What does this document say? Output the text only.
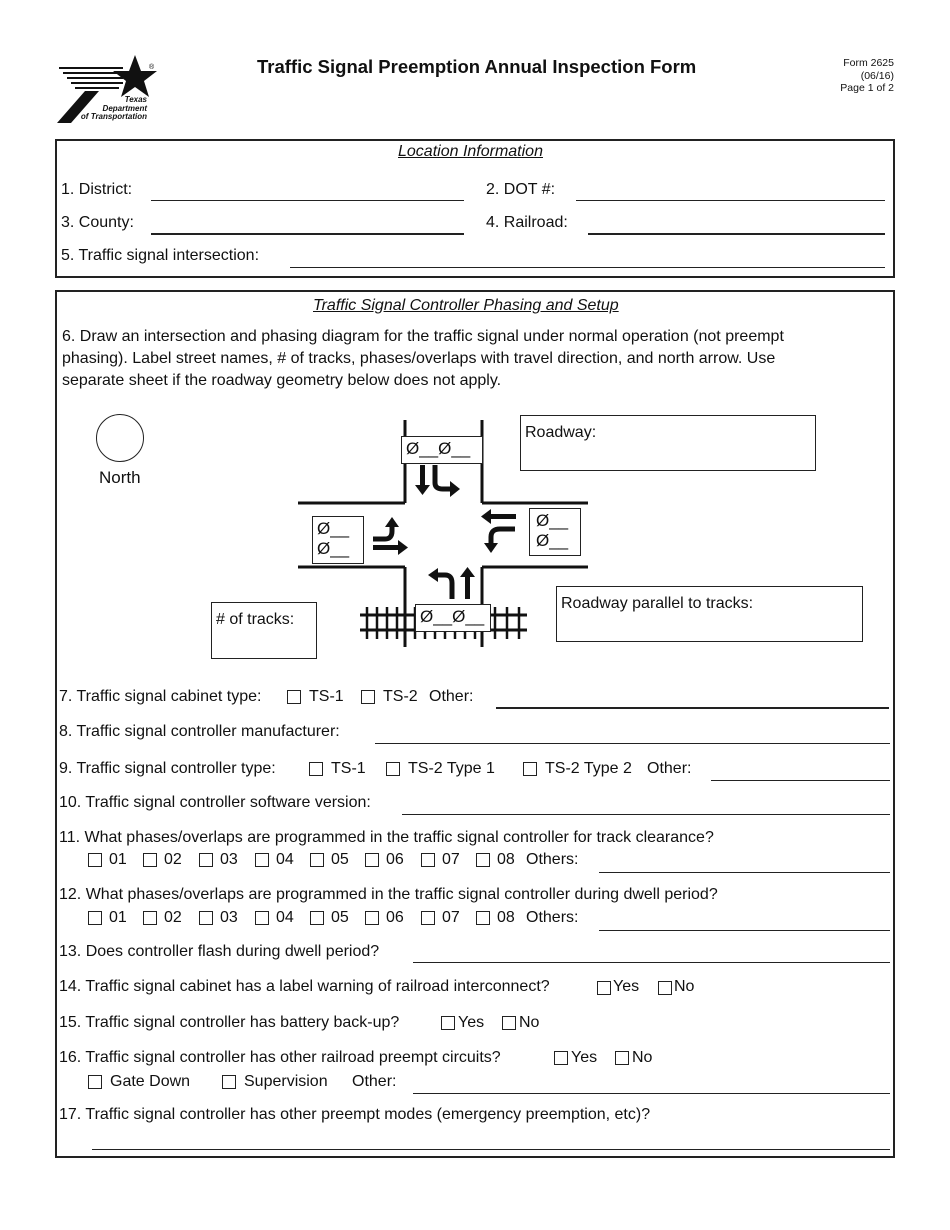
®
Texas
Department
of Transportation
Traffic Signal Preemption Annual Inspection Form	Form 2625
(06/16)
Page 1 of 2
Location Information
1. District:	2. DOT #:
3. County:	4. Railroad:
5. Traffic signal intersection:
Traffic Signal Controller Phasing and Setup
6. Draw an intersection and phasing diagram for the traffic signal under normal operation (not preempt
phasing). Label street names, # of tracks, phases/overlaps with travel direction, and north arrow. Use
separate sheet if the roadway geometry below does not apply.
North
Ø__Ø__
Ø__
Ø__
Ø__
Ø__
Ø__Ø__
Roadway:
Roadway parallel to tracks:
# of tracks:
7. Traffic signal cabinet type:	TS-1 TS-2 Other:
8. Traffic signal controller manufacturer:
9. Traffic signal controller type:	TS-1	TS-2 Type 1	TS-2 Type 2 Other:
10. Traffic signal controller software version:
11. What phases/overlaps are programmed in the traffic signal controller for track clearance?
01 02 03 04 05 06 07 08 Others:
12. What phases/overlaps are programmed in the traffic signal controller during dwell period?
01 02 03 04 05 06 07 08 Others:
13. Does controller flash during dwell period?
14. Traffic signal cabinet has a label warning of railroad interconnect?	Yes No
15. Traffic signal controller has battery back-up?	Yes No
16. Traffic signal controller has other railroad preempt circuits?	Yes No
Gate Down	Supervision Other:
17. Traffic signal controller has other preempt modes (emergency preemption, etc)?
